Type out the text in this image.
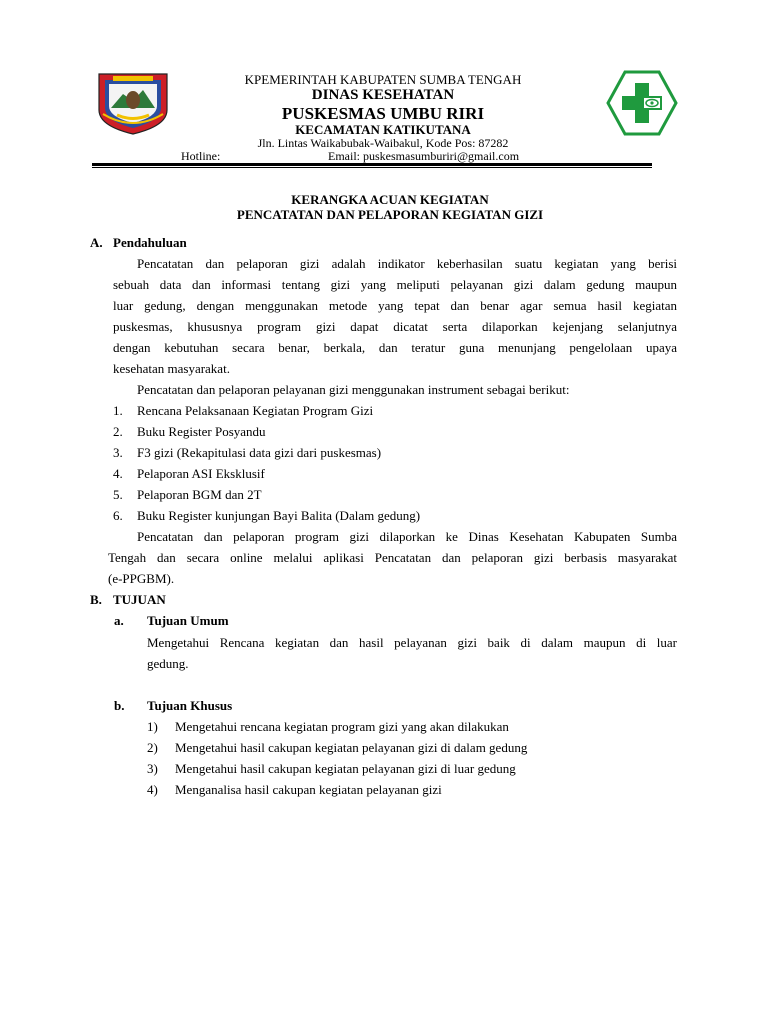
KPEMERINTAH KABUPATEN SUMBA TENGAH
DINAS KESEHATAN
PUSKESMAS UMBU RIRI
KECAMATAN KATIKUTANA
Jln. Lintas Waikabubak-Waibakul, Kode Pos: 87282
Hotline:	Email: puskesmasumburiri@gmail.com
KERANGKA ACUAN KEGIATAN
PENCATATAN DAN PELAPORAN KEGIATAN GIZI
A. Pendahuluan
Pencatatan dan pelaporan gizi adalah indikator keberhasilan suatu kegiatan yang berisi
sebuah data dan informasi tentang gizi yang meliputi pelayanan gizi dalam gedung maupun
luar gedung, dengan menggunakan metode yang tepat dan benar agar semua hasil kegiatan
puskesmas, khususnya program gizi dapat dicatat serta dilaporkan kejenjang selanjutnya
dengan kebutuhan secara benar, berkala, dan teratur guna menunjang pengelolaan upaya
kesehatan masyarakat.
Pencatatan dan pelaporan pelayanan gizi menggunakan instrument sebagai berikut:
1. Rencana Pelaksanaan Kegiatan Program Gizi
2. Buku Register Posyandu
3. F3 gizi (Rekapitulasi data gizi dari puskesmas)
4. Pelaporan ASI Eksklusif
5. Pelaporan BGM dan 2T
6. Buku Register kunjungan Bayi Balita (Dalam gedung)
Pencatatan dan pelaporan program gizi dilaporkan ke Dinas Kesehatan Kabupaten Sumba
Tengah dan secara online melalui aplikasi Pencatatan dan pelaporan gizi berbasis masyarakat
(e-PPGBM).
B. TUJUAN
a. Tujuan Umum
Mengetahui Rencana kegiatan dan hasil pelayanan gizi baik di dalam maupun di luar
gedung.
b. Tujuan Khusus
1) Mengetahui rencana kegiatan program gizi yang akan dilakukan
2) Mengetahui hasil cakupan kegiatan pelayanan gizi di dalam gedung
3) Mengetahui hasil cakupan kegiatan pelayanan gizi di luar gedung
4) Menganalisa hasil cakupan kegiatan pelayanan gizi
